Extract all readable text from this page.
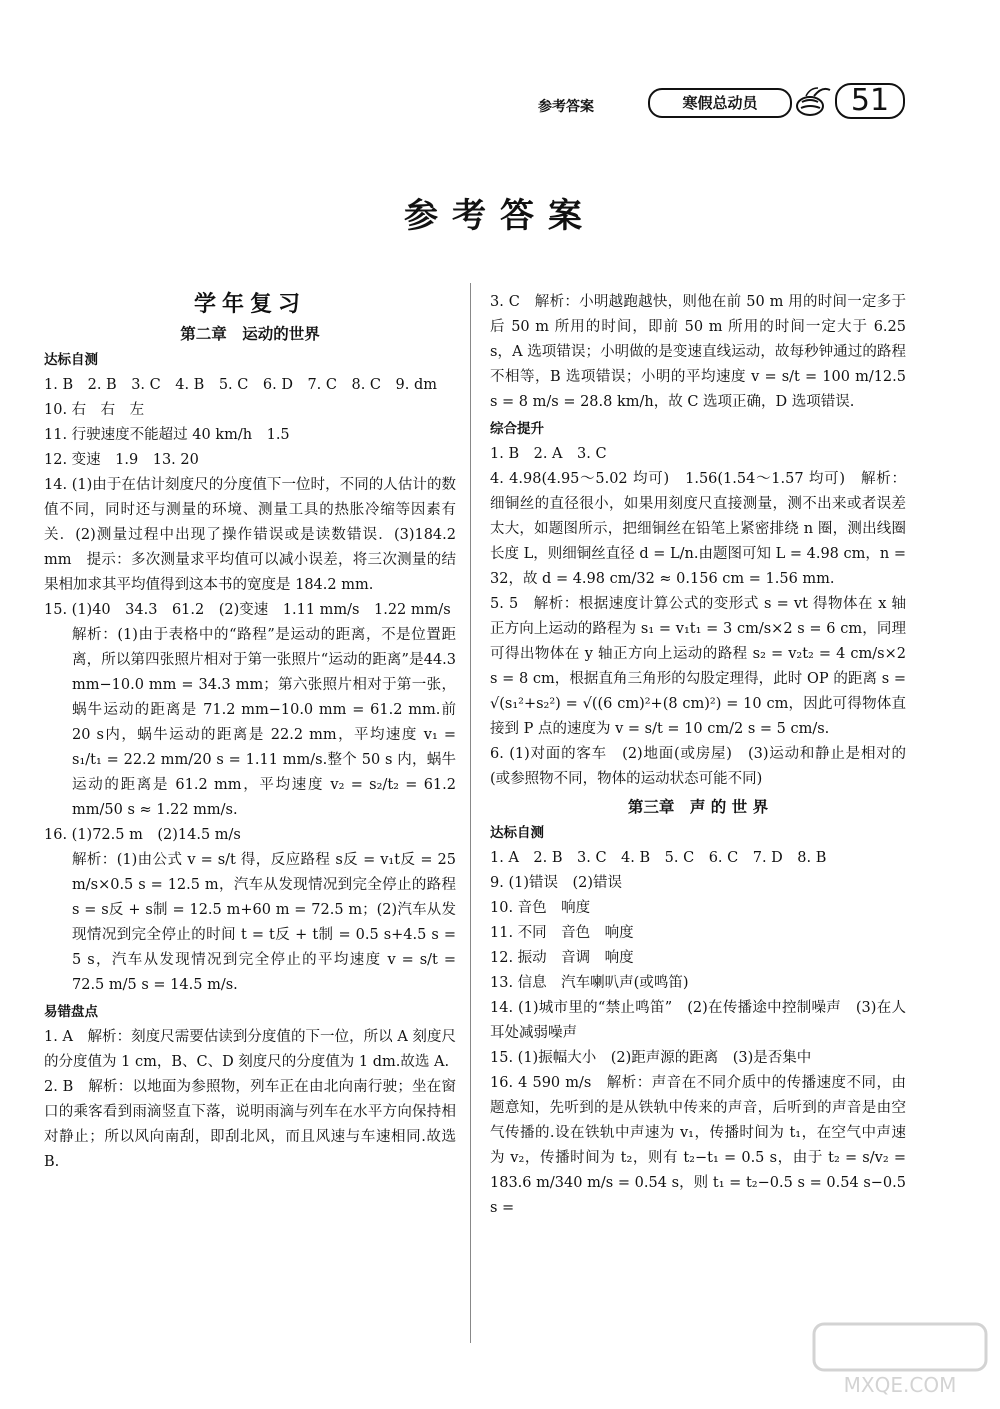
参考答案	寒假总动员	51
参考答案
学年复习
第二章　运动的世界
达标自测
1. B　2. B　3. C　4. B　5. C　6. D　7. C　8. C　9. dm
10. 右　右　左
11. 行驶速度不能超过 40 km/h　1.5
12. 变速　1.9　13. 20
14. (1)由于在估计刻度尺的分度值下一位时，不同的人估计的数值不同，同时还与测量的环境、测量工具的热胀冷缩等因素有关．(2)测量过程中出现了操作错误或是读数错误．(3)184.2 mm　提示：多次测量求平均值可以减小误差，将三次测量的结果相加求其平均值得到这本书的宽度是 184.2 mm.
15. (1)40　34.3　61.2　(2)变速　1.11 mm/s　1.22 mm/s
解析：(1)由于表格中的“路程”是运动的距离，不是位置距离，所以第四张照片相对于第一张照片“运动的距离”是44.3 mm−10.0 mm = 34.3 mm；第六张照片相对于第一张，蜗牛运动的距离是 71.2 mm−10.0 mm = 61.2 mm.前20 s内，蜗牛运动的距离是 22.2 mm，平均速度 v₁ = s₁/t₁ = 22.2 mm/20 s = 1.11 mm/s.整个 50 s 内，蜗牛运动的距离是 61.2 mm，平均速度 v₂ = s₂/t₂ = 61.2 mm/50 s ≈ 1.22 mm/s.
16. (1)72.5 m　(2)14.5 m/s
解析：(1)由公式 v = s/t 得，反应路程 s反 = v₁t反 = 25 m/s×0.5 s = 12.5 m，汽车从发现情况到完全停止的路程 s = s反 + s制 = 12.5 m+60 m = 72.5 m；(2)汽车从发现情况到完全停止的时间 t = t反 + t制 = 0.5 s+4.5 s = 5 s，汽车从发现情况到完全停止的平均速度 v = s/t = 72.5 m/5 s = 14.5 m/s.
易错盘点
1. A　解析：刻度尺需要估读到分度值的下一位，所以 A 刻度尺的分度值为 1 cm，B、C、D 刻度尺的分度值为 1 dm.故选 A.
2. B　解析：以地面为参照物，列车正在由北向南行驶；坐在窗口的乘客看到雨滴竖直下落，说明雨滴与列车在水平方向保持相对静止；所以风向南刮，即刮北风，而且风速与车速相同.故选 B.
3. C　解析：小明越跑越快，则他在前 50 m 用的时间一定多于后 50 m 所用的时间，即前 50 m 所用的时间一定大于 6.25 s，A 选项错误；小明做的是变速直线运动，故每秒钟通过的路程不相等，B 选项错误；小明的平均速度 v = s/t = 100 m/12.5 s = 8 m/s = 28.8 km/h，故 C 选项正确，D 选项错误.
综合提升
1. B　2. A　3. C
4. 4.98(4.95～5.02 均可)　1.56(1.54～1.57 均可)　解析：细铜丝的直径很小，如果用刻度尺直接测量，测不出来或者误差太大，如题图所示，把细铜丝在铅笔上紧密排绕 n 圈，测出线圈长度 L，则细铜丝直径 d = L/n.由题图可知 L = 4.98 cm，n = 32，故 d = 4.98 cm/32 ≈ 0.156 cm = 1.56 mm.
5. 5　解析：根据速度计算公式的变形式 s = vt 得物体在 x 轴正方向上运动的路程为 s₁ = v₁t₁ = 3 cm/s×2 s = 6 cm，同理可得出物体在 y 轴正方向上运动的路程 s₂ = v₂t₂ = 4 cm/s×2 s = 8 cm，根据直角三角形的勾股定理得，此时 OP 的距离 s = √(s₁²+s₂²) = √((6 cm)²+(8 cm)²) = 10 cm，因此可得物体直接到 P 点的速度为 v = s/t = 10 cm/2 s = 5 cm/s.
6. (1)对面的客车　(2)地面(或房屋)　(3)运动和静止是相对的(或参照物不同，物体的运动状态可能不同)
第三章　声 的 世 界
达标自测
1. A　2. B　3. C　4. B　5. C　6. C　7. D　8. B
9. (1)错误　(2)错误
10. 音色　响度
11. 不同　音色　响度
12. 振动　音调　响度
13. 信息　汽车喇叭声(或鸣笛)
14. (1)城市里的“禁止鸣笛”　(2)在传播途中控制噪声　(3)在人耳处减弱噪声
15. (1)振幅大小　(2)距声源的距离　(3)是否集中
16. 4 590 m/s　解析：声音在不同介质中的传播速度不同，由题意知，先听到的是从铁轨中传来的声音，后听到的声音是由空气传播的.设在铁轨中声速为 v₁，传播时间为 t₁，在空气中声速为 v₂，传播时间为 t₂，则有 t₂−t₁ = 0.5 s，由于 t₂ = s/v₂ = 183.6 m/340 m/s = 0.54 s，则 t₁ = t₂−0.5 s = 0.54 s−0.5 s =
MXQE.COM
